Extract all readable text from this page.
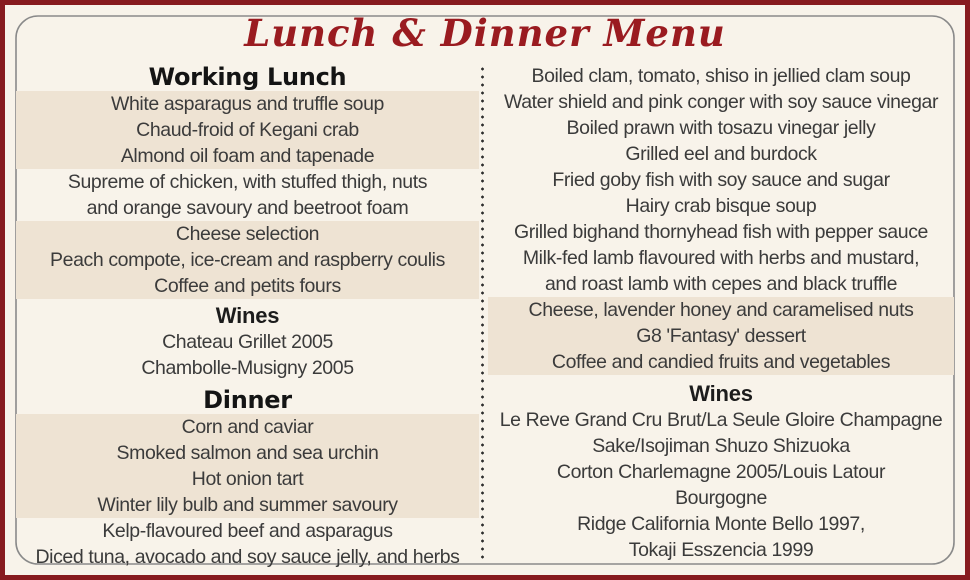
Lunch & Dinner Menu
Working Lunch
White asparagus and truffle soup
Chaud-froid of Kegani crab
Almond oil foam and tapenade
Supreme of chicken, with stuffed thigh, nuts
and orange savoury and beetroot foam
Cheese selection
Peach compote, ice-cream and raspberry coulis
Coffee and petits fours
Wines
Chateau Grillet 2005
Chambolle-Musigny 2005
Dinner
Corn and caviar
Smoked salmon and sea urchin
Hot onion tart
Winter lily bulb and summer savoury
Kelp-flavoured beef and asparagus
Diced tuna, avocado and soy sauce jelly, and herbs
Boiled clam, tomato, shiso in jellied clam soup
Water shield and pink conger with soy sauce vinegar
Boiled prawn with tosazu vinegar jelly
Grilled eel and burdock
Fried goby fish with soy sauce and sugar
Hairy crab bisque soup
Grilled bighand thornyhead fish with pepper sauce
Milk-fed lamb flavoured with herbs and mustard,
and roast lamb with cepes and black truffle
Cheese, lavender honey and caramelised nuts
G8 'Fantasy' dessert
Coffee and candied fruits and vegetables
Wines
Le Reve Grand Cru Brut/La Seule Gloire Champagne
Sake/Isojiman Shuzo Shizuoka
Corton Charlemagne 2005/Louis Latour
Bourgogne
Ridge California Monte Bello 1997,
Tokaji Esszencia 1999
